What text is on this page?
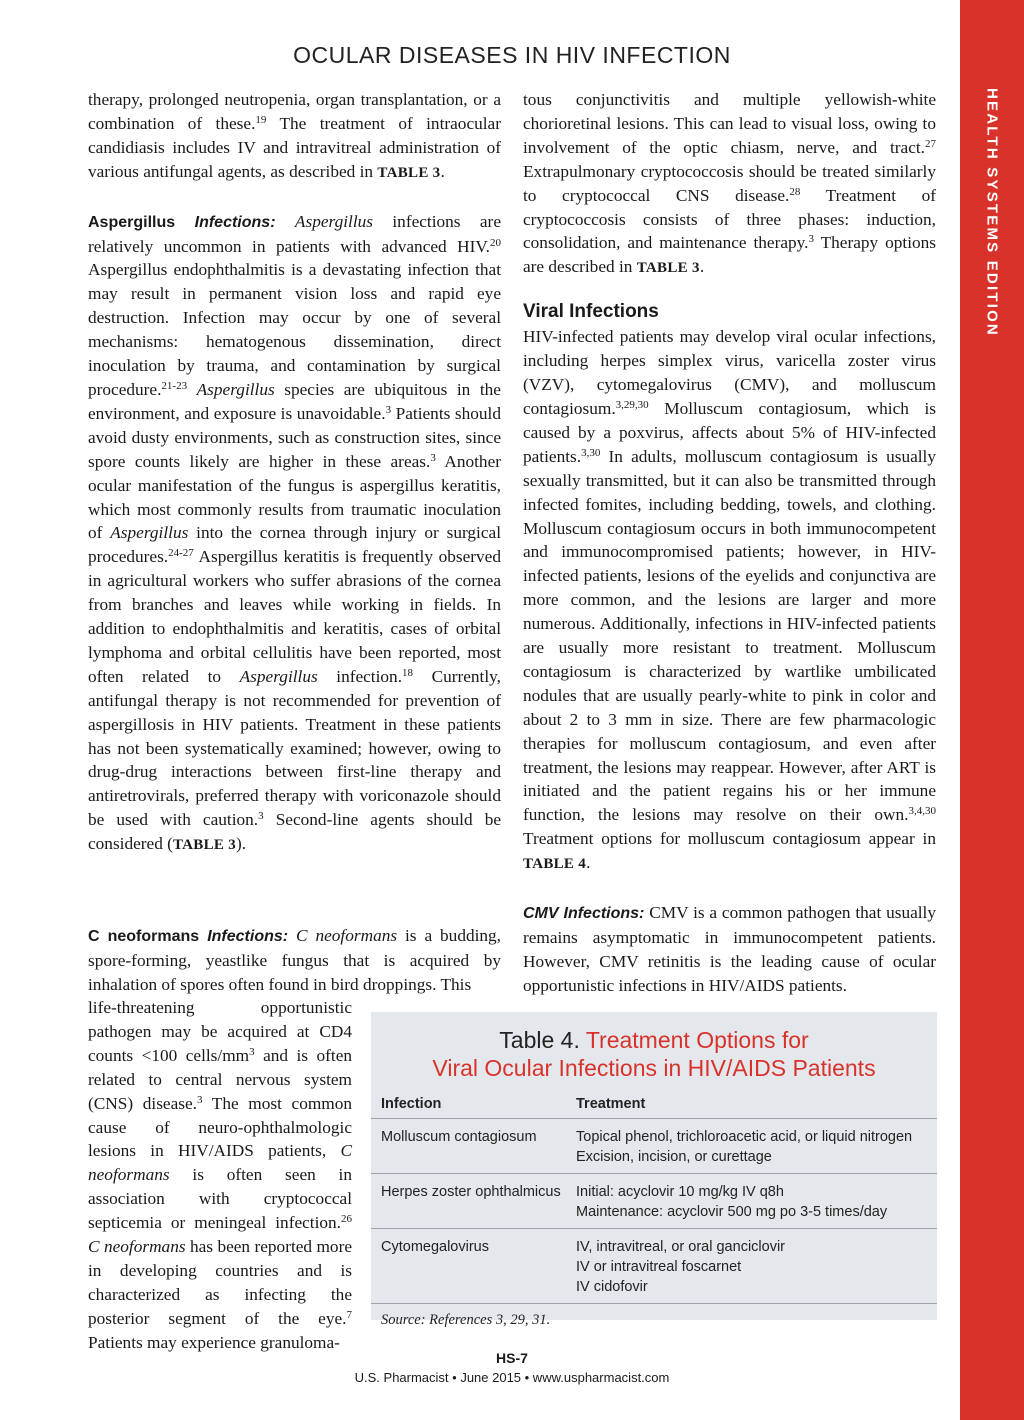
OCULAR DISEASES IN HIV INFECTION
HEALTH SYSTEMS EDITION

therapy, prolonged neutropenia, organ transplantation, or a combination of these.$^{19}$ The treatment of intraocular candidiasis includes IV and intravitreal administration of various antifungal agents, as described in TABLE 3.

Aspergillus Infections: Aspergillus infections are relatively uncommon in patients with advanced HIV.$^{20}$ Aspergillus endophthalmitis is a devastating infection that may result in permanent vision loss and rapid eye destruction. Infection may occur by one of several mechanisms: hematogenous dissemination, direct inoculation by trauma, and contamination by surgical procedure.$^{21-23}$ Aspergillus species are ubiquitous in the environment, and exposure is unavoidable.$^3$ Patients should avoid dusty environments, such as construction sites, since spore counts likely are higher in these areas.$^3$ Another ocular manifestation of the fungus is aspergillus keratitis, which most commonly results from traumatic inoculation of Aspergillus into the cornea through injury or surgical procedures.$^{24-27}$ Aspergillus keratitis is frequently observed in agricultural workers who suffer abrasions of the cornea from branches and leaves while working in fields. In addition to endophthalmitis and keratitis, cases of orbital lymphoma and orbital cellulitis have been reported, most often related to Aspergillus infection.$^{18}$ Currently, antifungal therapy is not recommended for prevention of aspergillosis in HIV patients. Treatment in these patients has not been systematically examined; however, owing to drug-drug interactions between first-line therapy and antiretrovirals, preferred therapy with voriconazole should be used with caution.$^3$ Second-line agents should be considered (TABLE 3).

C neoformans Infections: C neoformans is a budding, spore-forming, yeastlike fungus that is acquired by inhalation of spores often found in bird droppings. This

life-threatening opportunistic pathogen may be acquired at CD4 counts <100 cells/$mm^3$ and is often related to central nervous system (CNS) disease.$^3$ The most common cause of neuro-ophthalmologic lesions in HIV/AIDS patients, C neoformans is often seen in association with cryptococcal septicemia or meningeal infection.$^{26}$ C neoformans has been reported more in developing countries and is characterized as infecting the posterior segment of the eye.$^7$ Patients may experience granuloma-

tous conjunctivitis and multiple yellowish-white chorioretinal lesions. This can lead to visual loss, owing to involvement of the optic chiasm, nerve, and tract.$^{27}$ Extrapulmonary cryptococcosis should be treated similarly to cryptococcal CNS disease.$^{28}$ Treatment of cryptococcosis consists of three phases: induction, consolidation, and maintenance therapy.$^3$ Therapy options are described in TABLE 3.

Viral Infections

HIV-infected patients may develop viral ocular infections, including herpes simplex virus, varicella zoster virus (VZV), cytomegalovirus (CMV), and molluscum contagiosum.$^{3,29,30}$ Molluscum contagiosum, which is caused by a poxvirus, affects about 5% of HIV-infected patients.$^{3,30}$ In adults, molluscum contagiosum is usually sexually transmitted, but it can also be transmitted through infected fomites, including bedding, towels, and clothing. Molluscum contagiosum occurs in both immunocompetent and immunocompromised patients; however, in HIV-infected patients, lesions of the eyelids and conjunctiva are more common, and the lesions are larger and more numerous. Additionally, infections in HIV-infected patients are usually more resistant to treatment. Molluscum contagiosum is characterized by wartlike umbilicated nodules that are usually pearly-white to pink in color and about 2 to 3 mm in size. There are few pharmacologic therapies for molluscum contagiosum, and even after treatment, the lesions may reappear. However, after ART is initiated and the patient regains his or her immune function, the lesions may resolve on their own.$^{3,4,30}$ Treatment options for molluscum contagiosum appear in TABLE 4.

CMV Infections: CMV is a common pathogen that usually remains asymptomatic in immunocompetent patients. However, CMV retinitis is the leading cause of ocular opportunistic infections in HIV/AIDS patients.

Table 4. Treatment Options for
Viral Ocular Infections in HIV/AIDS Patients
Infection	Treatment
Molluscum contagiosum	Topical phenol, trichloroacetic acid, or liquid nitrogen
Excision, incision, or curettage
Herpes zoster ophthalmicus	Initial: acyclovir 10 mg/kg IV q8h
Maintenance: acyclovir 500 mg po 3-5 times/day
Cytomegalovirus	IV, intravitreal, or oral ganciclovir
IV or intravitreal foscarnet
IV cidofovir
Source: References 3, 29, 31.
HS-7
U.S. Pharmacist • June 2015 • www.uspharmacist.com
